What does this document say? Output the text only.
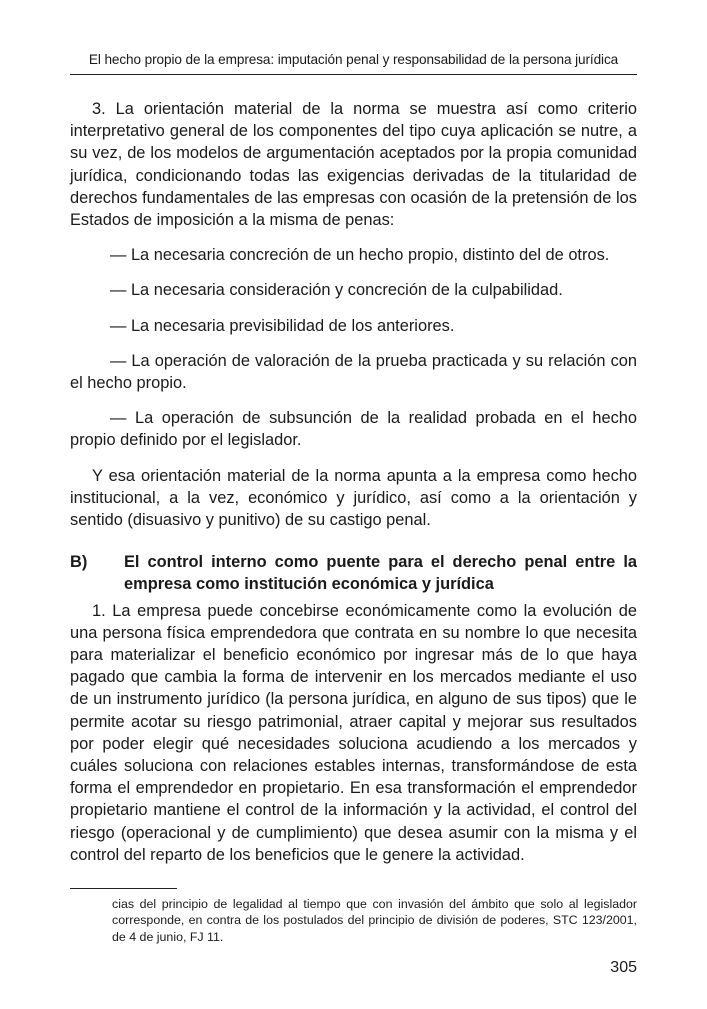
El hecho propio de la empresa: imputación penal y responsabilidad de la persona jurídica

3. La orientación material de la norma se muestra así como criterio interpretativo general de los componentes del tipo cuya aplicación se nutre, a su vez, de los modelos de argumentación aceptados por la propia comunidad jurídica, condicionando todas las exigencias derivadas de la titularidad de derechos fundamentales de las empresas con ocasión de la pretensión de los Estados de imposición a la misma de penas:

— La necesaria concreción de un hecho propio, distinto del de otros.

— La necesaria consideración y concreción de la culpabilidad.

— La necesaria previsibilidad de los anteriores.

— La operación de valoración de la prueba practicada y su relación con el hecho propio.

— La operación de subsunción de la realidad probada en el hecho propio definido por el legislador.

Y esa orientación material de la norma apunta a la empresa como hecho institucional, a la vez, económico y jurídico, así como a la orientación y sentido (disuasivo y punitivo) de su castigo penal.

B) El control interno como puente para el derecho penal entre la empresa como institución económica y jurídica

1. La empresa puede concebirse económicamente como la evolución de una persona física emprendedora que contrata en su nombre lo que necesita para materializar el beneficio económico por ingresar más de lo que haya pagado que cambia la forma de intervenir en los mercados mediante el uso de un instrumento jurídico (la persona jurídica, en alguno de sus tipos) que le permite acotar su riesgo patrimonial, atraer capital y mejorar sus resultados por poder elegir qué necesidades soluciona acudiendo a los mercados y cuáles soluciona con relaciones estables internas, transformándose de esta forma el emprendedor en propietario. En esa transformación el emprendedor propietario mantiene el control de la información y la actividad, el control del riesgo (operacional y de cumplimiento) que desea asumir con la misma y el control del reparto de los beneficios que le genere la actividad.

cias del principio de legalidad al tiempo que con invasión del ámbito que solo al legislador corresponde, en contra de los postulados del principio de división de poderes, STC 123/2001, de 4 de junio, FJ 11.

305
